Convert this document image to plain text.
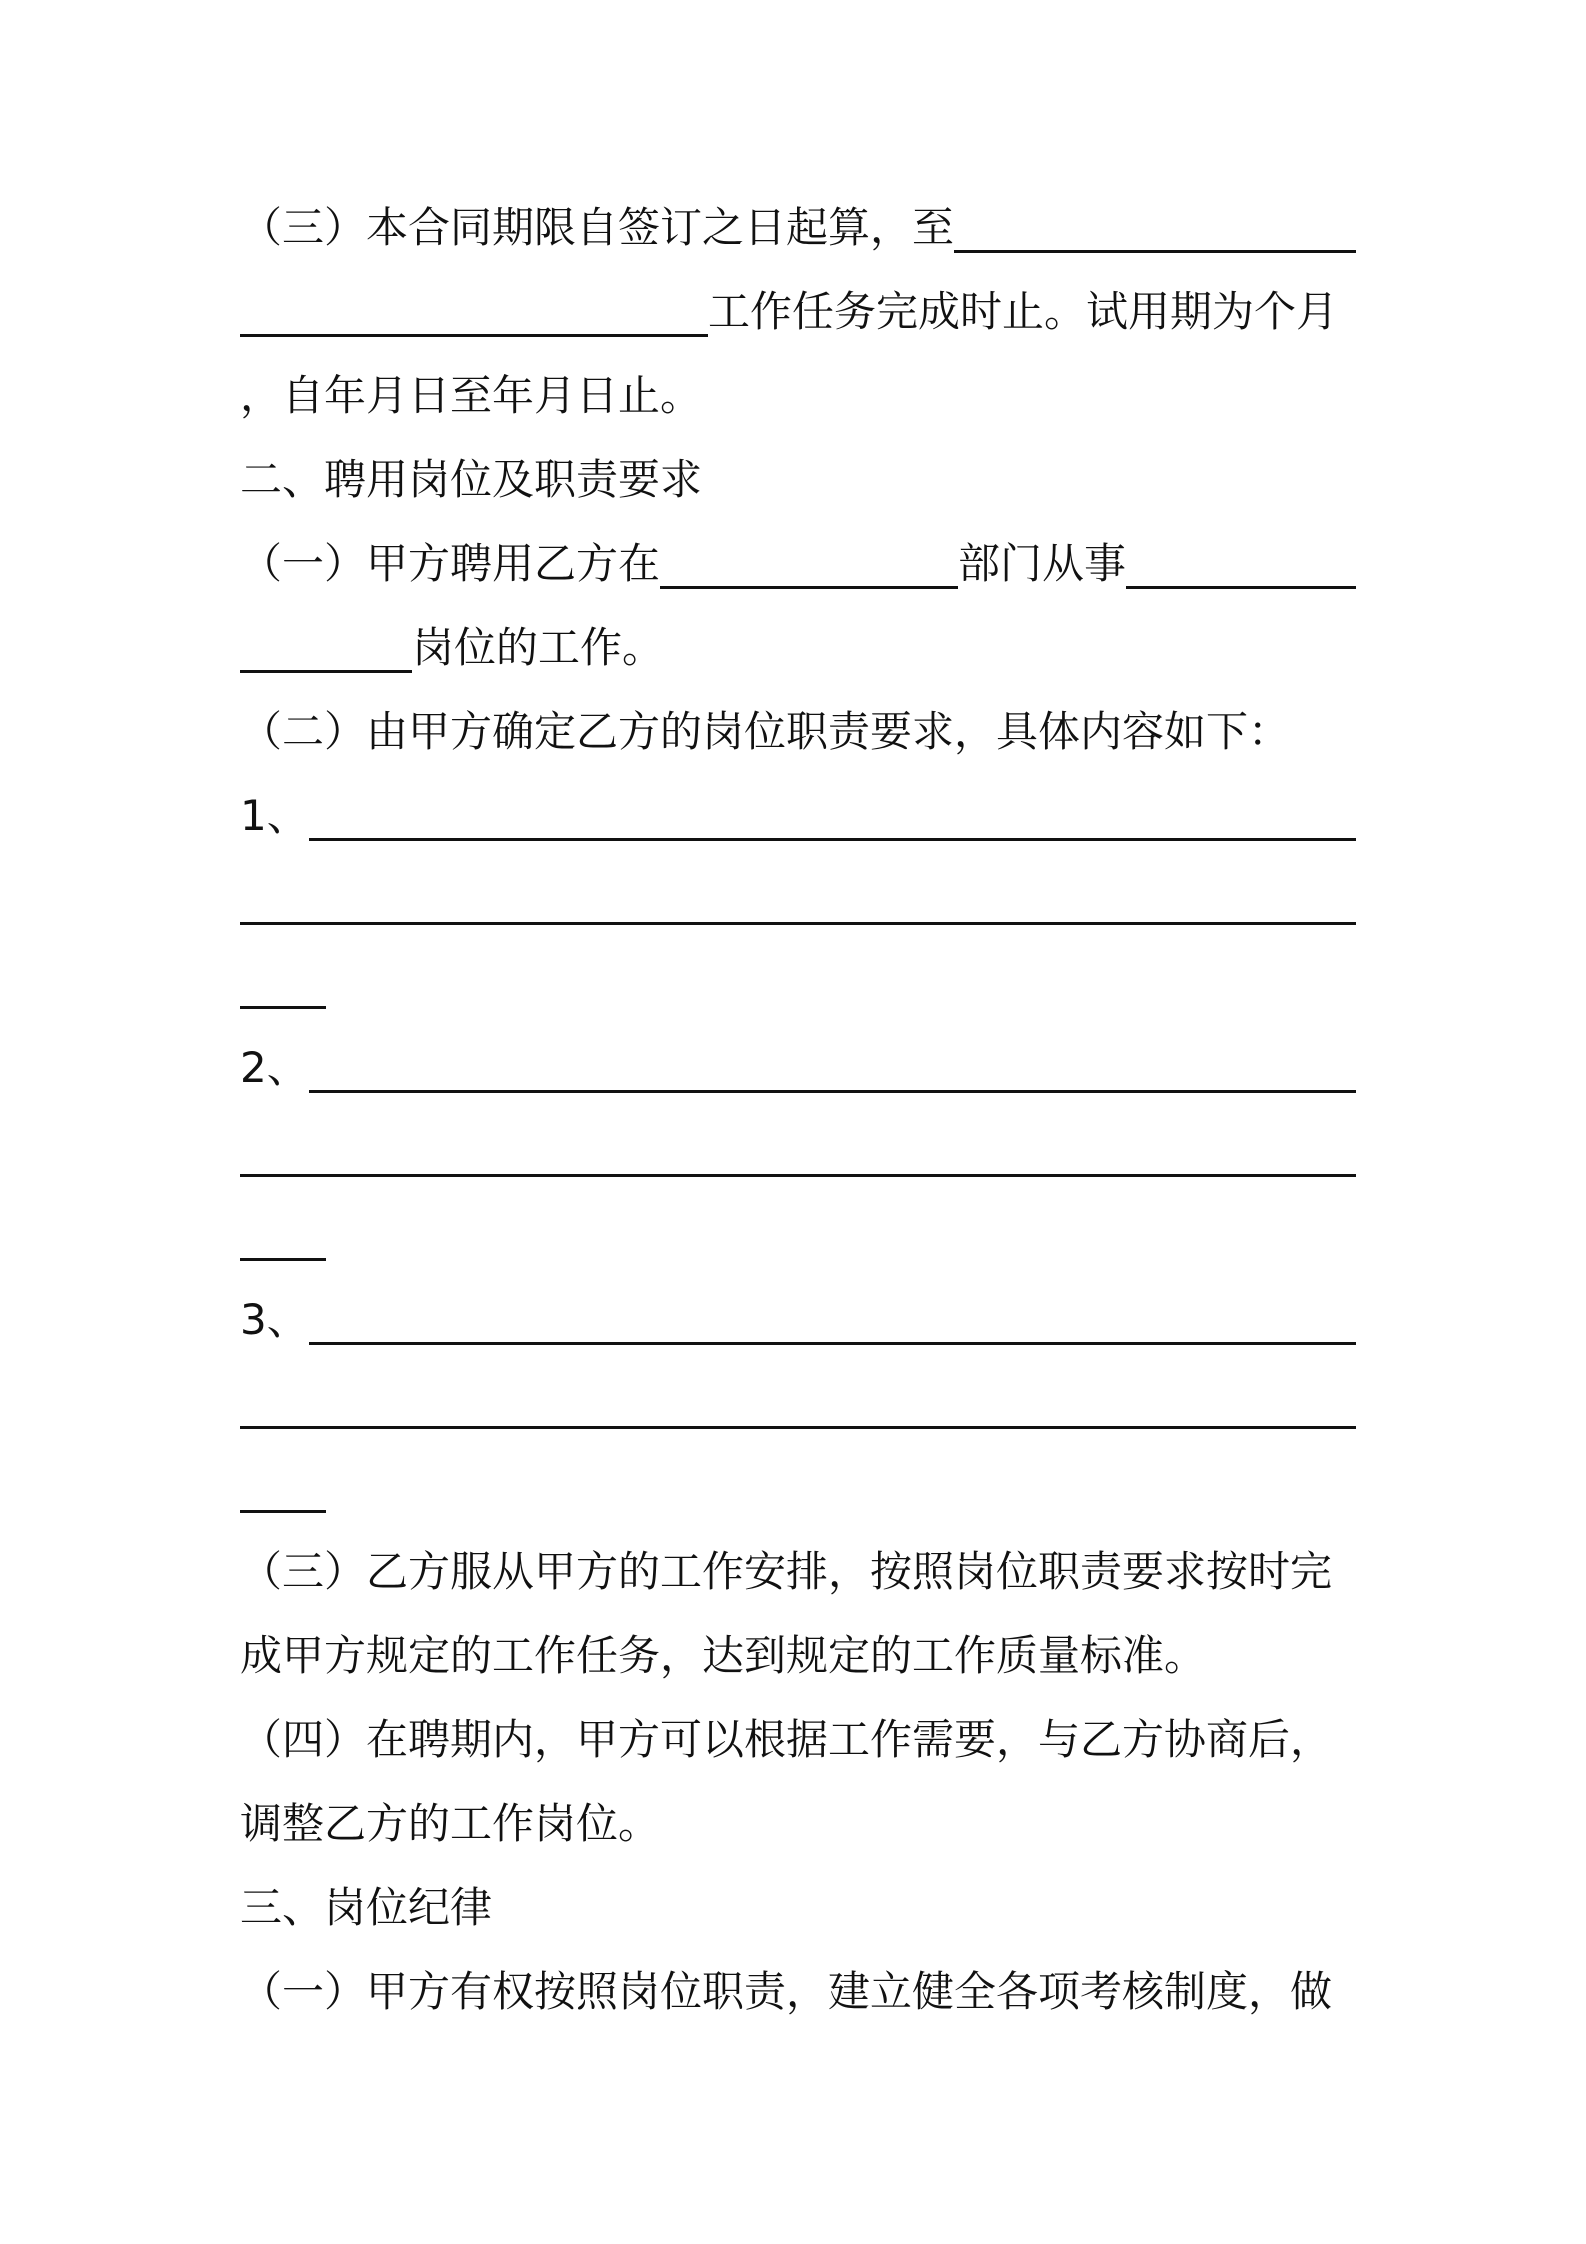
（三）本合同期限自签订之日起算，至
工作任务完成时止。试用期为个月
，自年月日至年月日止。
二、聘用岗位及职责要求
（一）甲方聘用乙方在	部门从事
岗位的工作。
（二）由甲方确定乙方的岗位职责要求，具体内容如下：
1、
2、
3、
（三）乙方服从甲方的工作安排，按照岗位职责要求按时完
成甲方规定的工作任务，达到规定的工作质量标准。
（四）在聘期内，甲方可以根据工作需要，与乙方协商后，
调整乙方的工作岗位。
三、岗位纪律
（一）甲方有权按照岗位职责，建立健全各项考核制度，做
